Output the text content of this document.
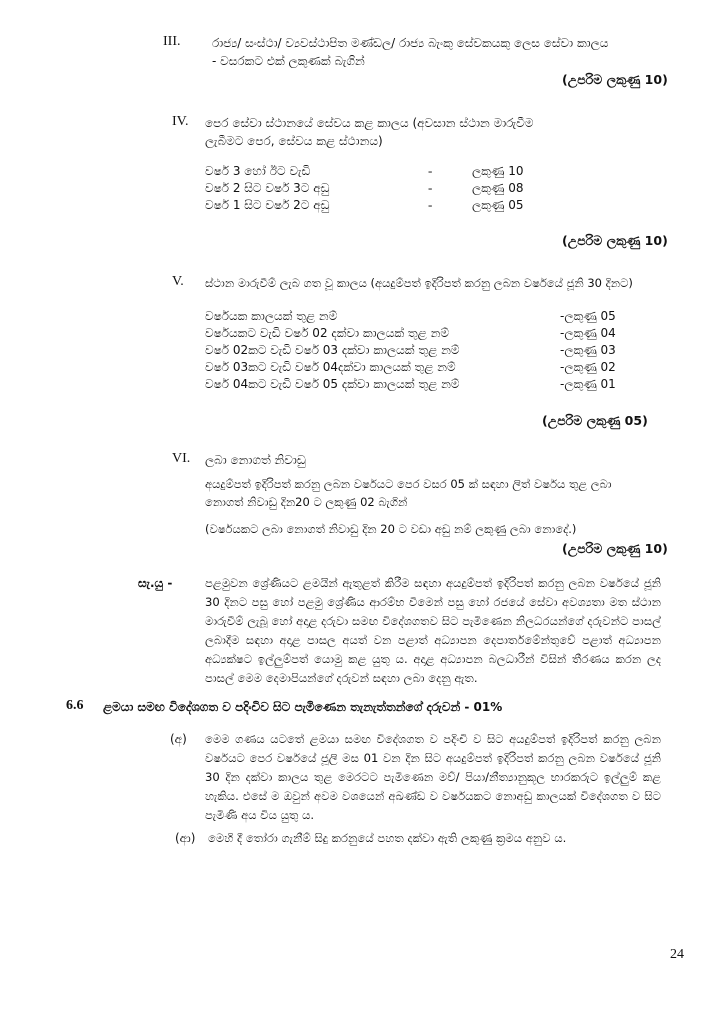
III.	රාජ්‍ය/ සංස්ථා/ ව්‍යවස්ථාපිත මණ්ඩල/ රාජ්‍ය බැංකු සේවකයකු ලෙස සේවා කාලය
- වසරකට එක් ලකුණක් බැගින්
(උපරිම ලකුණු 10)
IV. පෙර සේවා ස්ථානයේ සේවය කළ කාලය (අවසාන ස්ථාන මාරුවීම
ලැබීමට පෙර, සේවය කළ ස්ථානය)
වර්ෂ 3 හෝ ඊට වැඩි	-	ලකුණු 10
වර්ෂ 2 සිට වර්ෂ 3ට අඩු	-	ලකුණු 08
වර්ෂ 1 සිට වර්ෂ 2ට අඩු	-	ලකුණු 05
(උපරිම ලකුණු 10)
V. ස්ථාන මාරුවීම් ලැබ ගත වූ කාලය (අයදුම්පත් ඉදිරිපත් කරනු ලබන වර්ෂයේ ජූනි 30 දිනට)
වර්ෂයක කාලයක් තුළ නම්	-ලකුණු 05
වර්ෂයකට වැඩි වර්ෂ 02 දක්වා කාලයක් තුළ නම්	-ලකුණු 04
වර්ෂ 02කට වැඩි වර්ෂ 03 දක්වා කාලයක් තුළ නම්	-ලකුණු 03
වර්ෂ 03කට වැඩි වර්ෂ 04දක්වා කාලයක් තුළ නම්	-ලකුණු 02
වර්ෂ 04කට වැඩි වර්ෂ 05 දක්වා කාලයක් තුළ නම්	-ලකුණු 01
(උපරිම ලකුණු 05)
VI. ලබා නොගත් නිවාඩු
අයදුම්පත් ඉදිරිපත් කරනු ලබන වර්ෂයට පෙර වසර 05 ක් සඳහා ලිත් වර්ෂය තුළ ලබා
නොගත් නිවාඩු දින20 ට ලකුණු 02 බැගින්
(වර්ෂයකට ලබා නොගත් නිවාඩු දින 20 ට වඩා අඩු නම් ලකුණු ලබා නොදේ.)
(උපරිම ලකුණු 10)
සැ.යු -	පළමුවන ශ්‍රේණියට ළමයින් ඇතුළත් කිරීම සඳහා අයදුම්පත් ඉදිරිපත් කරනු ලබන වර්ෂයේ ජූනි 30 දිනට පසු හෝ පළමු ශ්‍රේණිය ආරම්භ වීමෙන් පසු හෝ රජයේ සේවා අවශ්‍යතා මත ස්ථාන මාරුවීම් ලැබූ හෝ අදාළ දරුවා සමඟ විදේශගතව සිට පැමිණෙන නිලධරයන්ගේ දරුවන්ට පාසල් ලබාදීම සඳහා අදාළ පාසල අයත් වන පළාත් අධ්‍යාපන දෙපාර්තමේන්තුවේ පළාත් අධ්‍යාපන අධ්‍යක්ෂට ඉල්ලුම්පත් යොමු කළ යුතු ය. අදාළ අධ්‍යාපන බලධාරීන් විසින් තීරණය කරන ලද පාසල් මෙම දෙමාපියන්ගේ දරුවන් සඳහා ලබා දෙනු ඇත.
6.6 ළමයා සමඟ විදේශගත ව පදිංචිව සිට පැමිණෙන තැනැත්තන්ගේ දරුවන් - 01%
(අ) මෙම ගණය යටතේ ළමයා සමඟ විදේශගත ව පදිංචි ව සිට අයදුම්පත් ඉදිරිපත් කරනු ලබන වර්ෂයට පෙර වර්ෂයේ ජූලි මස 01 වන දින සිට අයදුම්පත් ඉදිරිපත් කරනු ලබන වර්ෂයේ ජූනි 30 දින දක්වා කාලය තුළ මෙරටට පැමිණෙන මව්/ පියා/නීත්‍යානුකූල භාරකරුට ඉල්ලුම් කළ හැකිය. එසේ ම ඔවුන් අවම වශයෙන් අඛණ්ඩ ව වර්ෂයකට නොඅඩු කාලයක් විදේශගත ව සිට පැමිණි අය විය යුතු ය.
(ආ) මෙහි දී තෝරා ගැනීම් සිදු කරනුයේ පහත දක්වා ඇති ලකුණු ක්‍රමය අනුව ය.
24
